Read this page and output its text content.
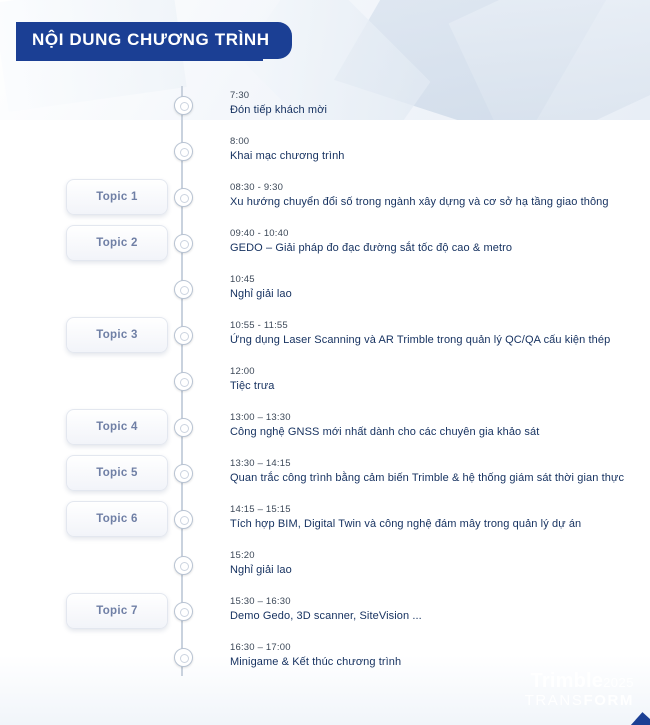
NỘI DUNG CHƯƠNG TRÌNH
7:30
Đón tiếp khách mời
8:00
Khai mạc chương trình
Topic 1
08:30 - 9:30
Xu hướng chuyển đổi số trong ngành xây dựng và cơ sở hạ tầng giao thông
Topic 2
09:40 - 10:40
GEDO – Giải pháp đo đạc đường sắt tốc độ cao & metro
10:45
Nghỉ giải lao
Topic 3
10:55 - 11:55
Ứng dụng Laser Scanning và AR Trimble trong quản lý QC/QA cấu kiện thép
12:00
Tiệc trưa
Topic 4
13:00 – 13:30
Công nghệ GNSS mới nhất dành cho các chuyên gia khảo sát
Topic 5
13:30 – 14:15
Quan trắc công trình bằng cảm biến Trimble & hệ thống giám sát thời gian thực
Topic 6
14:15 – 15:15
Tích hợp BIM, Digital Twin và công nghệ đám mây trong quản lý dự án
15:20
Nghỉ giải lao
Topic 7
15:30 – 16:30
Demo Gedo, 3D scanner, SiteVision ...
16:30 – 17:00
Minigame & Kết thúc chương trình
Trimble2025
TRANSFORM
